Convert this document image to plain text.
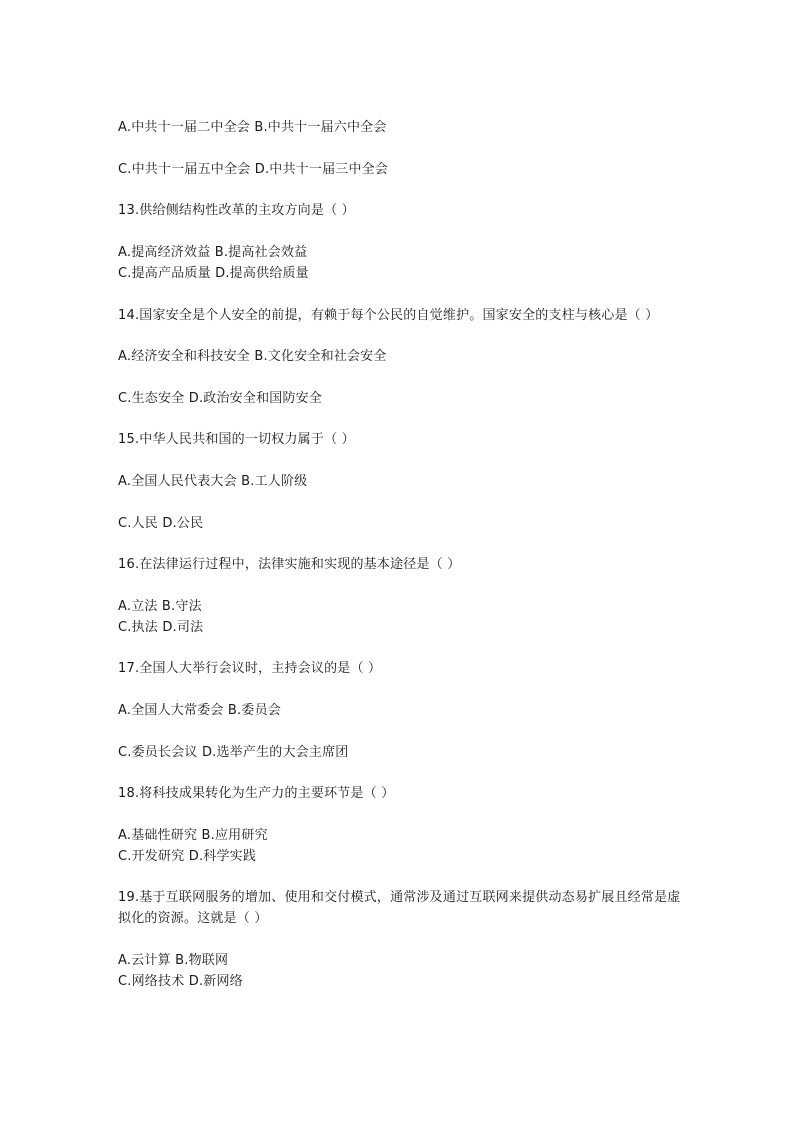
A.中共十一届二中全会 B.中共十一届六中全会
C.中共十一届五中全会 D.中共十一届三中全会
13.供给侧结构性改革的主攻方向是（ ）
A.提高经济效益 B.提高社会效益
C.提高产品质量 D.提高供给质量
14.国家安全是个人安全的前提，有赖于每个公民的自觉维护。国家安全的支柱与核心是（ ）
A.经济安全和科技安全 B.文化安全和社会安全
C.生态安全 D.政治安全和国防安全
15.中华人民共和国的一切权力属于（ ）
A.全国人民代表大会 B.工人阶级
C.人民 D.公民
16.在法律运行过程中，法律实施和实现的基本途径是（ ）
A.立法 B.守法
C.执法 D.司法
17.全国人大举行会议时，主持会议的是（ ）
A.全国人大常委会 B.委员会
C.委员长会议 D.选举产生的大会主席团
18.将科技成果转化为生产力的主要环节是（ ）
A.基础性研究 B.应用研究
C.开发研究 D.科学实践
19.基于互联网服务的增加、使用和交付模式，通常涉及通过互联网来提供动态易扩展且经常是虚拟化的资源。这就是（ ）
A.云计算 B.物联网
C.网络技术 D.新网络
